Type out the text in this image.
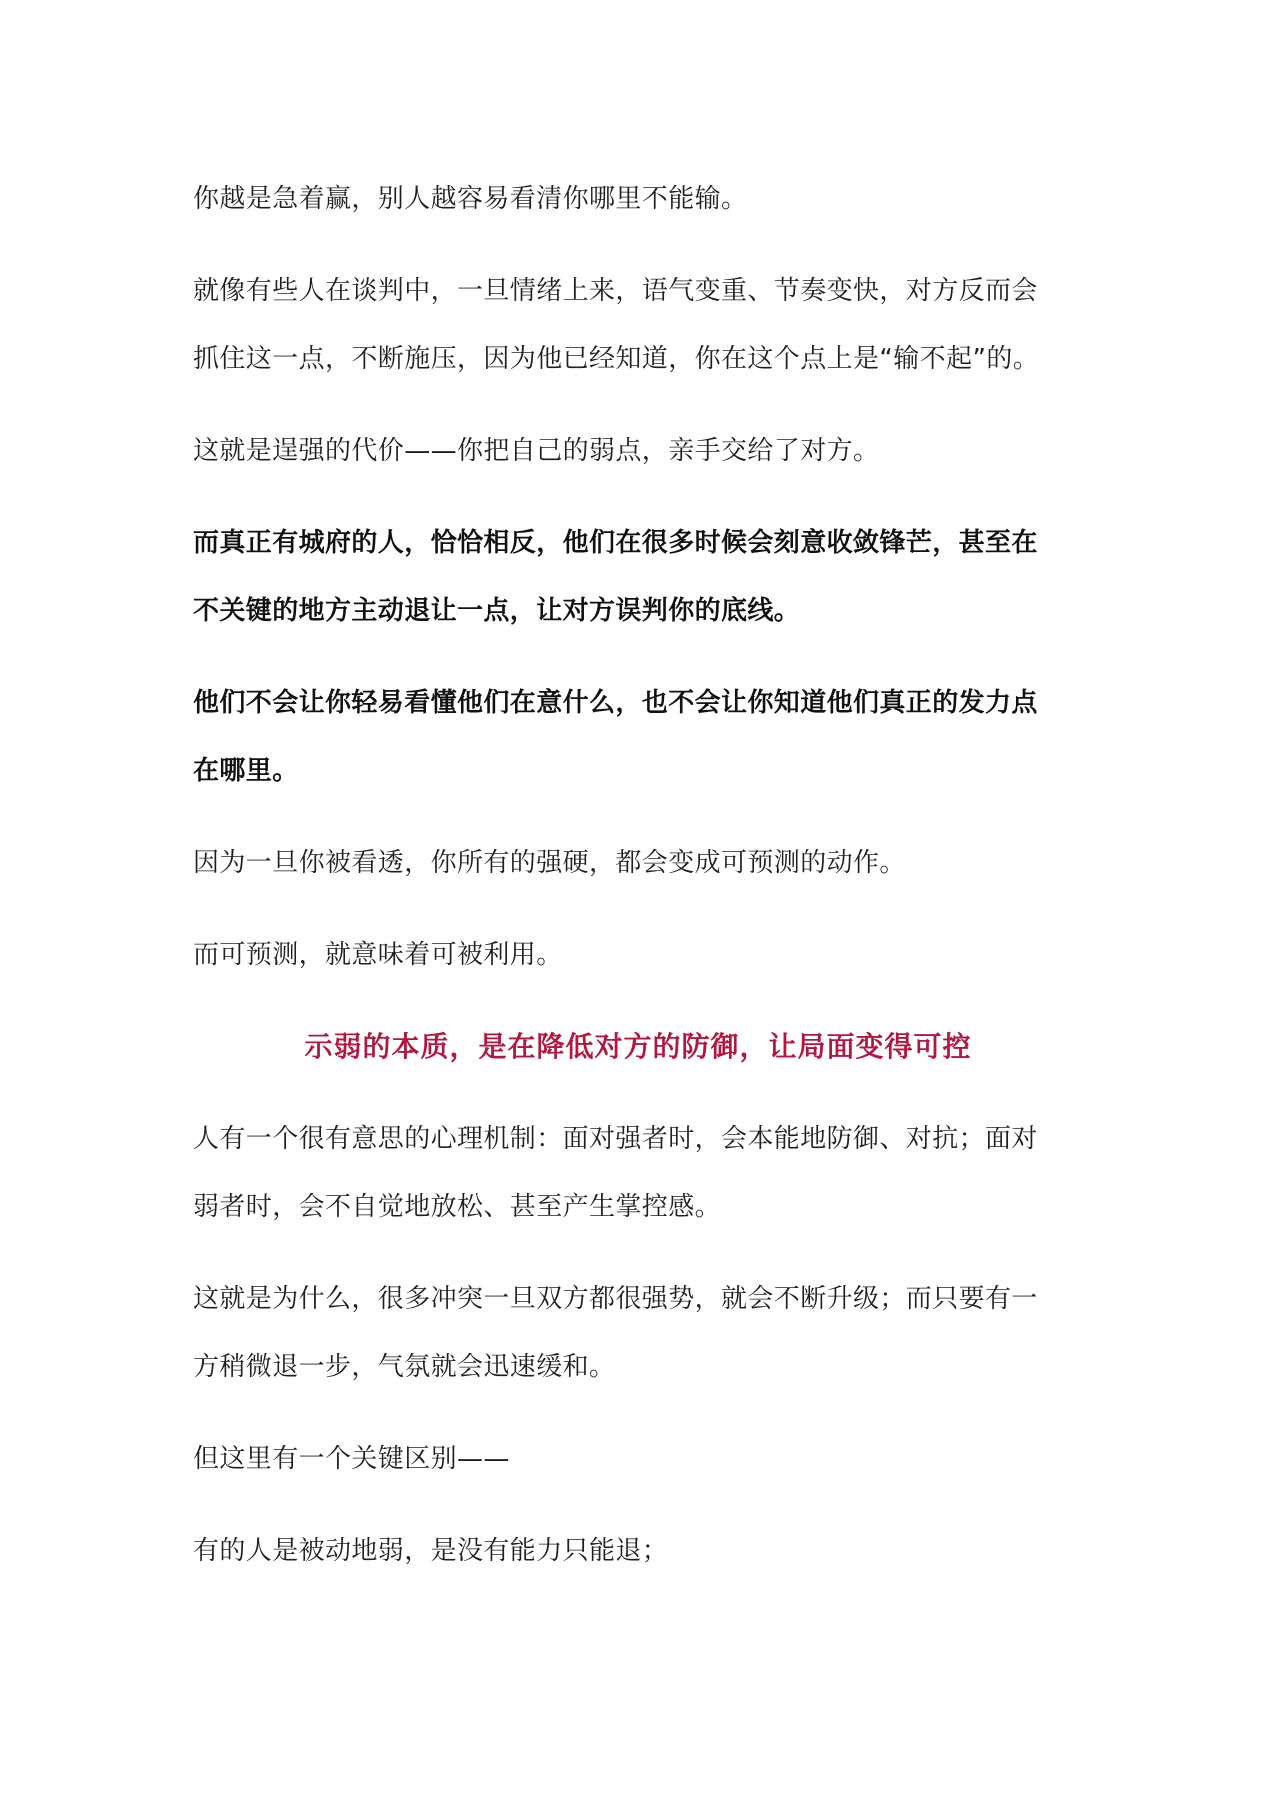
你越是急着赢，别人越容易看清你哪里不能输。

就像有些人在谈判中，一旦情绪上来，语气变重、节奏变快，对方反而会
抓住这一点，不断施压，因为他已经知道，你在这个点上是“输不起”的。

这就是逞强的代价——你把自己的弱点，亲手交给了对方。

而真正有城府的人，恰恰相反，他们在很多时候会刻意收敛锋芒，甚至在
不关键的地方主动退让一点，让对方误判你的底线。

他们不会让你轻易看懂他们在意什么，也不会让你知道他们真正的发力点
在哪里。

因为一旦你被看透，你所有的强硬，都会变成可预测的动作。

而可预测，就意味着可被利用。

示弱的本质，是在降低对方的防御，让局面变得可控

人有一个很有意思的心理机制：面对强者时，会本能地防御、对抗；面对
弱者时，会不自觉地放松、甚至产生掌控感。

这就是为什么，很多冲突一旦双方都很强势，就会不断升级；而只要有一
方稍微退一步，气氛就会迅速缓和。

但这里有一个关键区别——

有的人是被动地弱，是没有能力只能退；
